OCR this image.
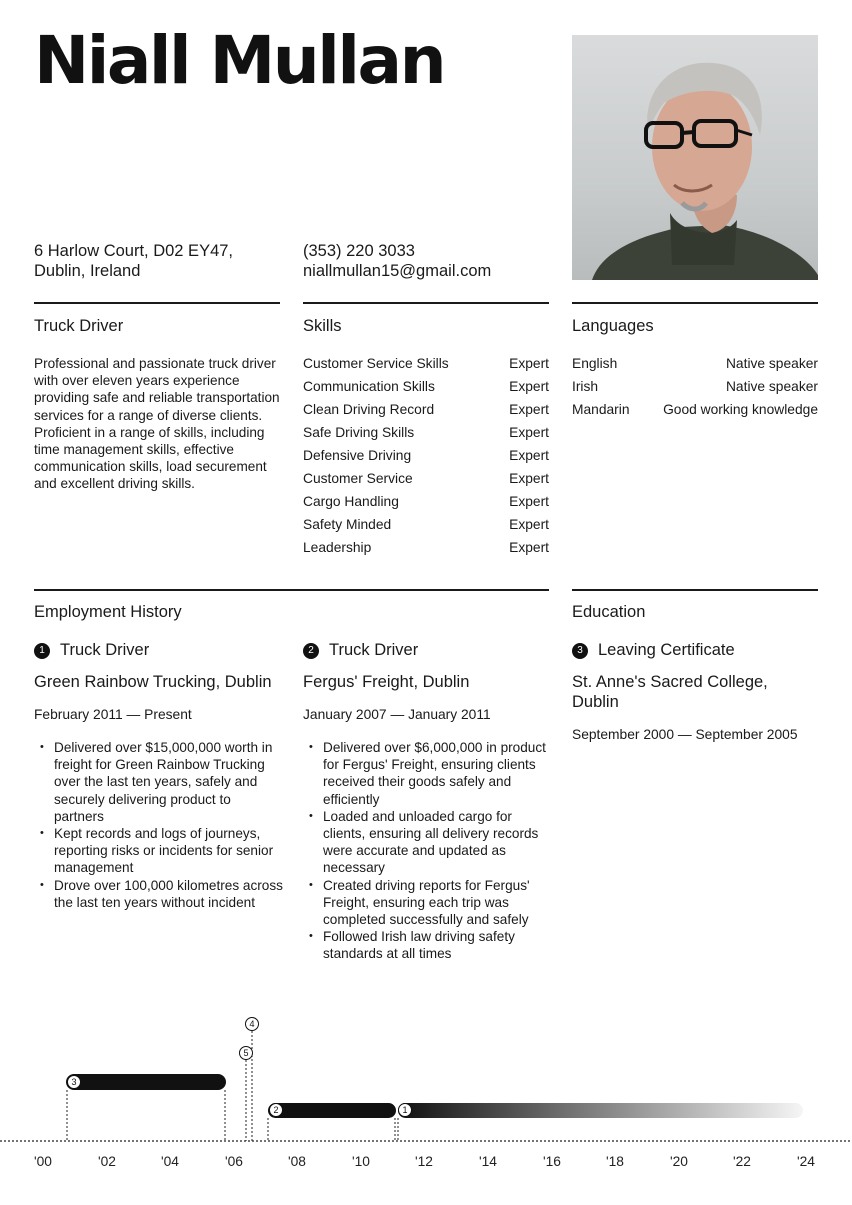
Niall Mullan
6 Harlow Court, D02 EY47,
Dublin, Ireland
(353) 220 3033
niallmullan15@gmail.com
Truck Driver
Professional and passionate truck driver with over eleven years experience providing safe and reliable transportation services for a range of diverse clients. Proficient in a range of skills, including time management skills, effective communication skills, load securement and excellent driving skills.
Skills
Customer Service Skills	Expert
Communication Skills	Expert
Clean Driving Record	Expert
Safe Driving Skills	Expert
Defensive Driving	Expert
Customer Service	Expert
Cargo Handling	Expert
Safety Minded	Expert
Leadership	Expert
Languages
English	Native speaker
Irish	Native speaker
Mandarin Good working knowledge
Employment History
1 Truck Driver
Green Rainbow Trucking, Dublin
February 2011 — Present
• Delivered over $15,000,000 worth in freight for Green Rainbow Trucking over the last ten years, safely and securely delivering product to partners
• Kept records and logs of journeys, reporting risks or incidents for senior management
• Drove over 100,000 kilometres across the last ten years without incident
2 Truck Driver
Fergus' Freight, Dublin
January 2007 — January 2011
• Delivered over $6,000,000 in product for Fergus' Freight, ensuring clients received their goods safely and efficiently
• Loaded and unloaded cargo for clients, ensuring all delivery records were accurate and updated as necessary
• Created driving reports for Fergus' Freight, ensuring each trip was completed successfully and safely
• Followed Irish law driving safety standards at all times
Education
3 Leaving Certificate
St. Anne's Sacred College, Dublin
September 2000 — September 2005
3
2	1
5
4
'00	'02	'04	'06	'08	'10	'12	'14	'16	'18	'20	'22	'24
